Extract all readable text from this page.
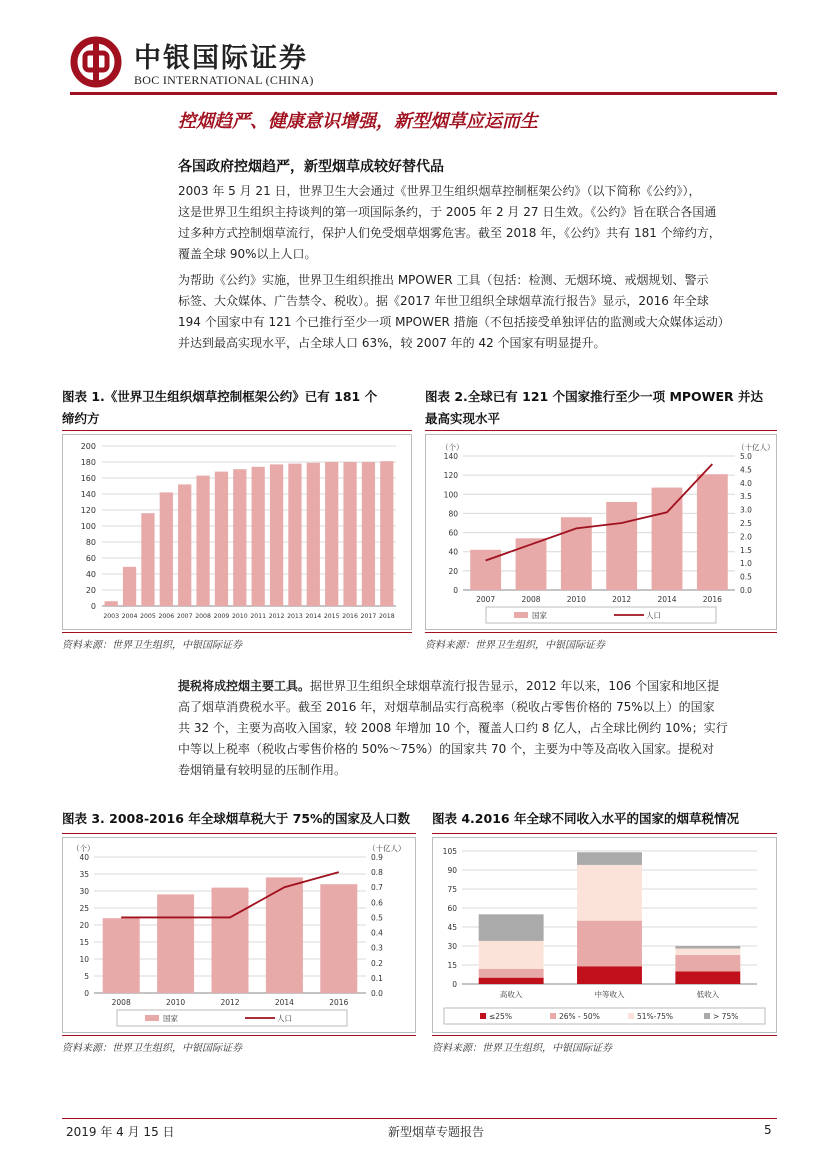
中银国际证券
BOC INTERNATIONAL (CHINA)
控烟趋严、健康意识增强，新型烟草应运而生
各国政府控烟趋严，新型烟草成较好替代品
2003 年 5 月 21 日，世界卫生大会通过《世界卫生组织烟草控制框架公约》（以下简称《公约》），
这是世界卫生组织主持谈判的第一项国际条约，于 2005 年 2 月 27 日生效。《公约》旨在联合各国通
过多种方式控制烟草流行，保护人们免受烟草烟雾危害。截至 2018 年，《公约》共有 181 个缔约方，
覆盖全球 90%以上人口。
为帮助《公约》实施，世界卫生组织推出 MPOWER 工具（包括：检测、无烟环境、戒烟规划、警示
标签、大众媒体、广告禁令、税收）。据《2017 年世卫组织全球烟草流行报告》显示，2016 年全球
194 个国家中有 121 个已推行至少一项 MPOWER 措施（不包括接受单独评估的监测或大众媒体运动）
并达到最高实现水平，占全球人口 63%，较 2007 年的 42 个国家有明显提升。
图表 1.《世界卫生组织烟草控制框架公约》已有 181 个
缔约方
0
20
40
60
80
100
120
140
160
180
200
2003 2004 2005 2006 2007 2008 2009 2010 2011 2012 2013 2014 2015 2016 2017 2018
资料来源：世界卫生组织，中银国际证券
图表 2.全球已有 121 个国家推行至少一项 MPOWER 并达
最高实现水平
（个）	（十亿人）
0
20
40
60
80
100
120
140
0.0
0.5
1.0
1.5
2.0
2.5
3.0
3.5
4.0
4.5
5.0
2007	2008	2010	2012	2014	2016
国家	人口
资料来源：世界卫生组织，中银国际证券
提税将成控烟主要工具。据世界卫生组织全球烟草流行报告显示，2012 年以来，106 个国家和地区提
高了烟草消费税水平。截至 2016 年，对烟草制品实行高税率（税收占零售价格的 75%以上）的国家
共 32 个，主要为高收入国家，较 2008 年增加 10 个，覆盖人口约 8 亿人，占全球比例约 10%；实行
中等以上税率（税收占零售价格的 50%～75%）的国家共 70 个，主要为中等及高收入国家。提税对
卷烟销量有较明显的压制作用。
图表 3. 2008-2016 年全球烟草税大于 75%的国家及人口数
（个）	（十亿人）
0
5
10
15
20
25
30
35
40
0.0
0.1
0.2
0.3
0.4
0.5
0.6
0.7
0.8
0.9
2008	2010	2012	2014	2016
国家	人口
资料来源：世界卫生组织，中银国际证券
图表 4.2016 年全球不同收入水平的国家的烟草税情况
0
15
30
45
60
75
90
105
高收入	中等收入	低收入
≤25%	26% - 50%	51%-75%	> 75%
资料来源：世界卫生组织，中银国际证券
2019 年 4 月 15 日	新型烟草专题报告	5
